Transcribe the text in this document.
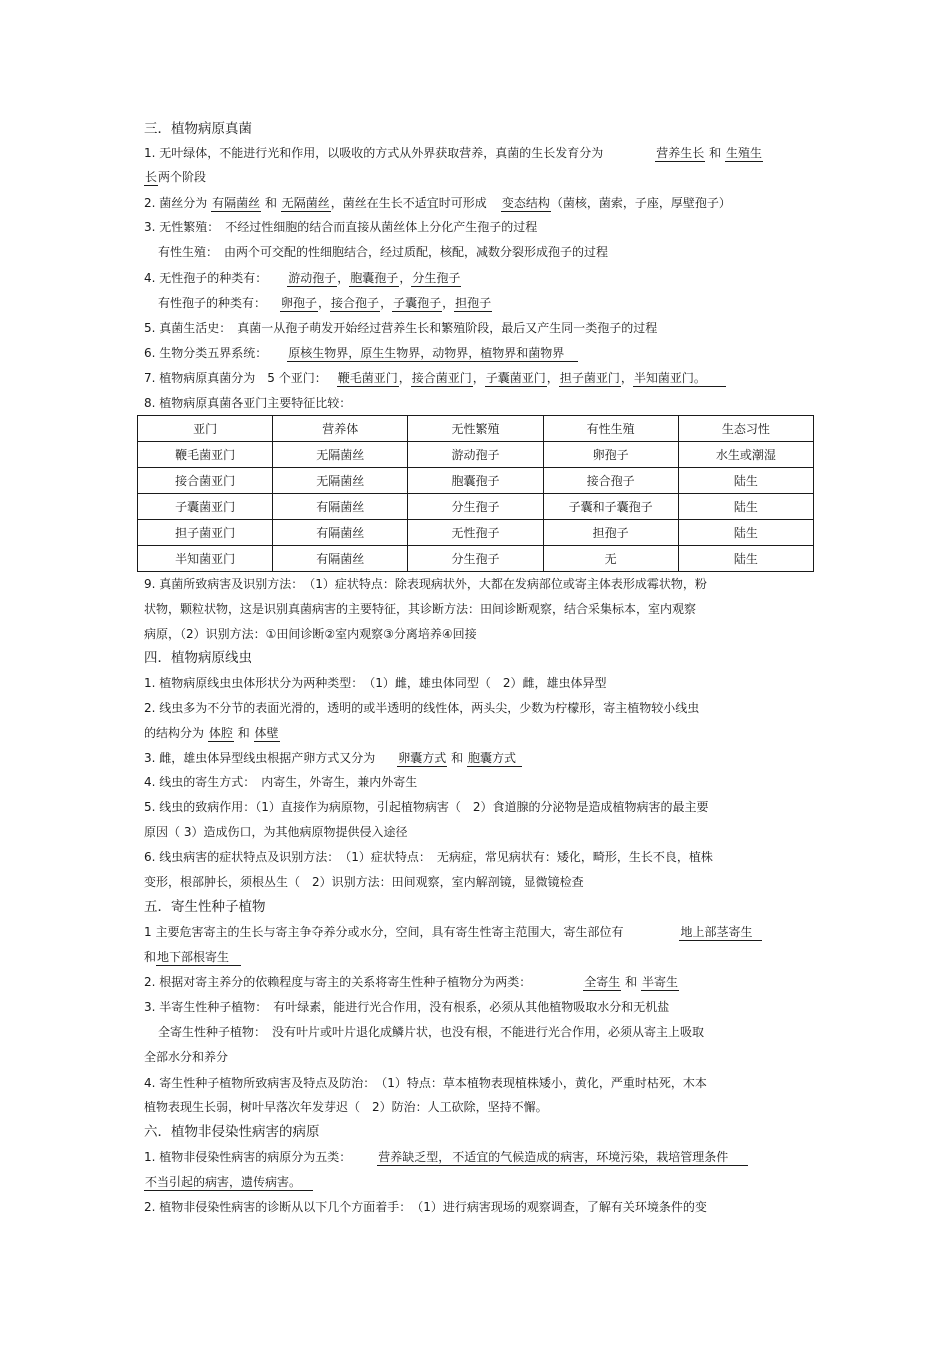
三．植物病原真菌
1. 无叶绿体，不能进行光和作用，以吸收的方式从外界获取营养，真菌的生长发育分为	营养生长 和 生殖生
长两个阶段
2. 菌丝分为 有隔菌丝 和 无隔菌丝，菌丝在生长不适宜时可形成 变态结构（菌核，菌索，子座，厚壁孢子）
3. 无性繁殖：　不经过性细胞的结合而直接从菌丝体上分化产生孢子的过程
有性生殖：　由两个可交配的性细胞结合，经过质配，核配，减数分裂形成孢子的过程
4. 无性孢子的种类有： 游动孢子，胞囊孢子，分生孢子
有性孢子的种类有： 卵孢子，接合孢子，子囊孢子，担孢子
5. 真菌生活史：　真菌一从孢子萌发开始经过营养生长和繁殖阶段，最后又产生同一类孢子的过程
6. 生物分类五界系统： 原核生物界，原生生物界，动物界，植物界和菌物界
7. 植物病原真菌分为　5 个亚门： 鞭毛菌亚门，接合菌亚门，子囊菌亚门，担子菌亚门，半知菌亚门。
8. 植物病原真菌各亚门主要特征比较：
亚门	营养体	无性繁殖	有性生殖	生态习性
鞭毛菌亚门	无隔菌丝	游动孢子	卵孢子	水生或潮湿
接合菌亚门	无隔菌丝	胞囊孢子	接合孢子	陆生
子囊菌亚门	有隔菌丝	分生孢子	子囊和子囊孢子	陆生
担子菌亚门	有隔菌丝	无性孢子	担孢子	陆生
半知菌亚门	有隔菌丝	分生孢子	无	陆生
9. 真菌所致病害及识别方法：　（1）症状特点：除表现病状外，大都在发病部位或寄主体表形成霉状物，粉
状物，颗粒状物，这是识别真菌病害的主要特征，其诊断方法：田间诊断观察，结合采集标本，室内观察
病原，（2）识别方法：①田间诊断②室内观察③分离培养④回接
四．植物病原线虫
1. 植物病原线虫虫体形状分为两种类型：　（1）雌，雄虫体同型（　2）雌，雄虫体异型
2. 线虫多为不分节的表面光滑的，透明的或半透明的线性体，两头尖，少数为柠檬形，寄主植物较小线虫
的结构分为 体腔 和 体壁
3. 雌，雄虫体异型线虫根据产卵方式又分为 卵囊方式 和 胞囊方式
4. 线虫的寄生方式：　内寄生，外寄生，兼内外寄生
5. 线虫的致病作用：（1）直接作为病原物，引起植物病害（　2）食道腺的分泌物是造成植物病害的最主要
原因（ 3）造成伤口，为其他病原物提供侵入途径
6. 线虫病害的症状特点及识别方法：　（1）症状特点：　无病症，常见病状有：矮化，畸形，生长不良，植株
变形，根部肿长，须根丛生（　2）识别方法：田间观察，室内解剖镜，显微镜检查
五．寄生性种子植物
1 主要危害寄主的生长与寄主争夺养分或水分，空间，具有寄生性寄主范围大，寄生部位有	地上部茎寄生
和地下部根寄生
2. 根据对寄主养分的依赖程度与寄主的关系将寄生性种子植物分为两类：	全寄生 和 半寄生
3. 半寄生性种子植物：　有叶绿素，能进行光合作用，没有根系，必须从其他植物吸取水分和无机盐
全寄生性种子植物：　没有叶片或叶片退化成鳞片状，也没有根，不能进行光合作用，必须从寄主上吸取
全部水分和养分
4. 寄生性种子植物所致病害及特点及防治：　（1）特点：草本植物表现植株矮小，黄化，严重时枯死，木本
植物表现生长弱，树叶早落次年发芽迟（　2）防治：人工砍除，坚持不懈。
六．植物非侵染性病害的病原
1. 植物非侵染性病害的病原分为五类： 营养缺乏型， 不适宜的气候造成的病害，环境污染，栽培管理条件
不当引起的病害，遗传病害。
2. 植物非侵染性病害的诊断从以下几个方面着手：　（1）进行病害现场的观察调查，了解有关环境条件的变
